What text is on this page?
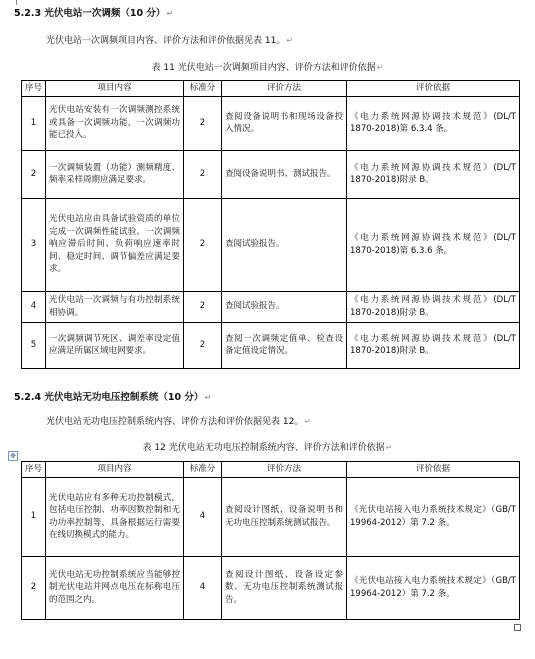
5.2.3 光伏电站一次调频（10 分）↵
光伏电站一次调频项目内容、评价方法和评价依据见表 11。↵
表 11 光伏电站一次调频项目内容、评价方法和评价依据↵
序号	项目内容	标准分	评价方法	评价依据
1	光伏电站安装有一次调频测控系统或具备一次调频功能，一次调频功能已投入。	2	查阅设备说明书和现场设备投入情况。	《电力系统网源协调技术规范》(DL/T 1870-2018)第 6.3.4 条。
2	一次调频装置（功能）测频精度、频率采样周期应满足要求。	2	查阅设备说明书、测试报告。	《电力系统网源协调技术规范》(DL/T 1870-2018)附录 B。
3	光伏电站应由具备试验资质的单位完成一次调频性能试验。一次调频响应滞后时间、负荷响应速率时间、稳定时间、调节偏差应满足要求。	2	查阅试验报告。	《电力系统网源协调技术规范》(DL/T 1870-2018)第 6.3.6 条。
4	光伏电站一次调频与有功控制系统相协调。	2	查阅试验报告。	《电力系统网源协调技术规范》(DL/T 1870-2018)附录 B。
5	一次调频调节死区、调差率设定值应满足所属区域电网要求。	2	查阅一次调频定值单、检查设备定值设定情况。	《电力系统网源协调技术规范》(DL/T 1870-2018)附录 B。
5.2.4 光伏电站无功电压控制系统（10 分）↵
光伏电站无功电压控制系统内容、评价方法和评价依据见表 12。↵
表 12 光伏电站无功电压控制系统内容、评价方法和评价依据↵
✥
序号	项目内容	标准分	评价方法	评价依据
1	光伏电站应有多种无功控制模式，包括电压控制、功率因数控制和无功功率控制等，具备根据运行需要在线切换模式的能力。	4	查阅设计图纸、设备说明书和无功电压控制系统测试报告。	《光伏电站接入电力系统技术规定》（GB/T 19964-2012）第 7.2 条。
2	光伏电站无功控制系统应当能够控制光伏电站并网点电压在标称电压的范围之内。	4	查阅设计图纸、设备设定参数、无功电压控制系统测试报告。	《光伏电站接入电力系统技术规定》（GB/T 19964-2012）第 7.2 条。
